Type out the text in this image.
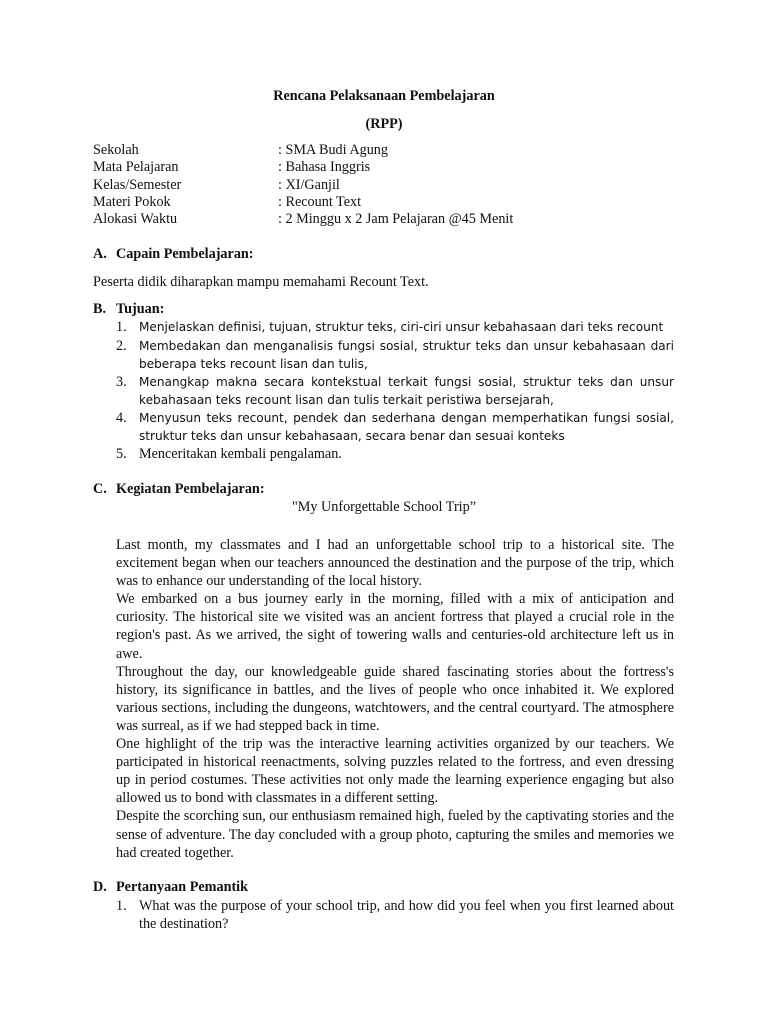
Rencana Pelaksanaan Pembelajaran
(RPP)
Sekolah	: SMA Budi Agung
Mata Pelajaran	: Bahasa Inggris
Kelas/Semester	: XI/Ganjil
Materi Pokok	: Recount Text
Alokasi Waktu	: 2 Minggu x 2 Jam Pelajaran @45 Menit
A. Capain Pembelajaran:
Peserta didik diharapkan mampu memahami Recount Text.
B. Tujuan:
1.	Menjelaskan definisi, tujuan, struktur teks, ciri-ciri unsur kebahasaan dari teks recount
2.	Membedakan dan menganalisis fungsi sosial, struktur teks dan unsur kebahasaan dari beberapa teks recount lisan dan tulis,
3.	Menangkap makna secara kontekstual terkait fungsi sosial, struktur teks dan unsur kebahasaan teks recount lisan dan tulis terkait peristiwa bersejarah,
4.	Menyusun teks recount, pendek dan sederhana dengan memperhatikan fungsi sosial, struktur teks dan unsur kebahasaan, secara benar dan sesuai konteks
5. Menceritakan kembali pengalaman.
C. Kegiatan Pembelajaran:
"My Unforgettable School Trip”

Last month, my classmates and I had an unforgettable school trip to a historical site. The excitement began when our teachers announced the destination and the purpose of the trip, which was to enhance our understanding of the local history.

We embarked on a bus journey early in the morning, filled with a mix of anticipation and curiosity. The historical site we visited was an ancient fortress that played a crucial role in the region's past. As we arrived, the sight of towering walls and centuries-old architecture left us in awe.

Throughout the day, our knowledgeable guide shared fascinating stories about the fortress's history, its significance in battles, and the lives of people who once inhabited it. We explored various sections, including the dungeons, watchtowers, and the central courtyard. The atmosphere was surreal, as if we had stepped back in time.

One highlight of the trip was the interactive learning activities organized by our teachers. We participated in historical reenactments, solving puzzles related to the fortress, and even dressing up in period costumes. These activities not only made the learning experience engaging but also allowed us to bond with classmates in a different setting.

Despite the scorching sun, our enthusiasm remained high, fueled by the captivating stories and the sense of adventure. The day concluded with a group photo, capturing the smiles and memories we had created together.

D. Pertanyaan Pemantik
1. What was the purpose of your school trip, and how did you feel when you first learned about the destination?
